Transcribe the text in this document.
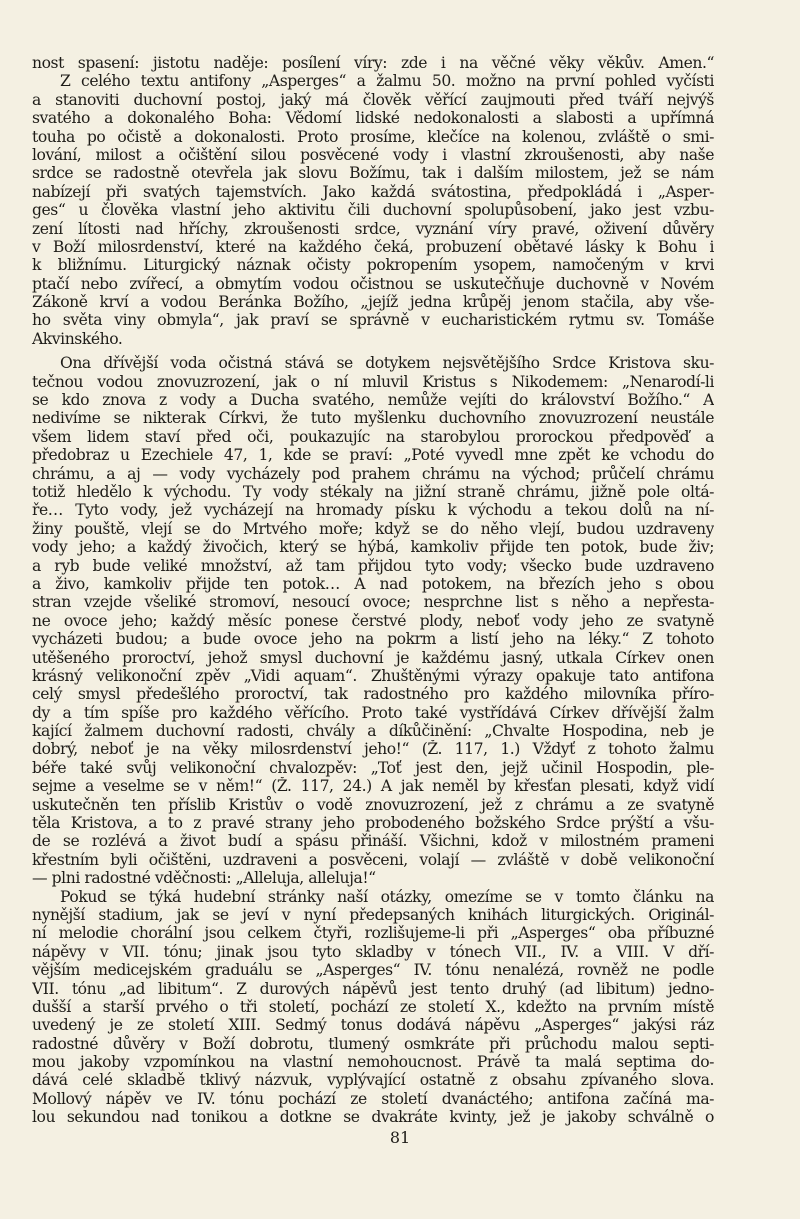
nost spasení: jistotu naděje: posílení víry: zde i na věčné věky věkův. Amen.“
Z celého textu antifony „Asperges“ a žalmu 50. možno na první pohled vyčísti
a stanoviti duchovní postoj, jaký má člověk věřící zaujmouti před tváří nejvýš
svatého a dokonalého Boha: Vědomí lidské nedokonalosti a slabosti a upřímná
touha po očistě a dokonalosti. Proto prosíme, klečíce na kolenou, zvláště o smi-
lování, milost a očištění silou posvěcené vody i vlastní zkroušenosti, aby naše
srdce se radostně otevřela jak slovu Božímu, tak i dalším milostem, jež se nám
nabízejí při svatých tajemstvích. Jako každá svátostina, předpokládá i „Asper-
ges“ u člověka vlastní jeho aktivitu čili duchovní spolupůsobení, jako jest vzbu-
zení lítosti nad hříchy, zkroušenosti srdce, vyznání víry pravé, oživení důvěry
v Boží milosrdenství, které na každého čeká, probuzení obětavé lásky k Bohu i
k bližnímu. Liturgický náznak očisty pokropením ysopem, namočeným v krvi
ptačí nebo zvířecí, a obmytím vodou očistnou se uskutečňuje duchovně v Novém
Zákoně krví a vodou Beránka Božího, „jejíž jedna krůpěj jenom stačila, aby vše-
ho světa viny obmyla“, jak praví se správně v eucharistickém rytmu sv. Tomáše
Akvinského.
Ona dřívější voda očistná stává se dotykem nejsvětějšího Srdce Kristova sku-
tečnou vodou znovuzrození, jak o ní mluvil Kristus s Nikodemem: „Nenarodí-li
se kdo znova z vody a Ducha svatého, nemůže vejíti do království Božího.“ A
nedivíme se nikterak Církvi, že tuto myšlenku duchovního znovuzrození neustále
všem lidem staví před oči, poukazujíc na starobylou prorockou předpověď a
předobraz u Ezechiele 47, 1, kde se praví: „Poté vyvedl mne zpět ke vchodu do
chrámu, a aj — vody vycházely pod prahem chrámu na východ; průčelí chrámu
totiž hledělo k východu. Ty vody stékaly na jižní straně chrámu, jižně pole oltá-
ře… Tyto vody, jež vycházejí na hromady písku k východu a tekou dolů na ní-
žiny pouště, vlejí se do Mrtvého moře; když se do něho vlejí, budou uzdraveny
vody jeho; a každý živočich, který se hýbá, kamkoliv přijde ten potok, bude živ;
a ryb bude veliké množství, až tam přijdou tyto vody; všecko bude uzdraveno
a živo, kamkoliv přijde ten potok… A nad potokem, na březích jeho s obou
stran vzejde všeliké stromoví, nesoucí ovoce; nesprchne list s něho a nepřesta-
ne ovoce jeho; každý měsíc ponese čerstvé plody, neboť vody jeho ze svatyně
vycházeti budou; a bude ovoce jeho na pokrm a listí jeho na léky.“ Z tohoto
utěšeného proroctví, jehož smysl duchovní je každému jasný, utkala Církev onen
krásný velikonoční zpěv „Vidi aquam“. Zhuštěnými výrazy opakuje tato antifona
celý smysl předešlého proroctví, tak radostného pro každého milovníka příro-
dy a tím spíše pro každého věřícího. Proto také vystřídává Církev dřívější žalm
kající žalmem duchovní radosti, chvály a díkůčinění: „Chvalte Hospodina, neb je
dobrý, neboť je na věky milosrdenství jeho!“ (Ž. 117, 1.) Vždyť z tohoto žalmu
béře také svůj velikonoční chvalozpěv: „Toť jest den, jejž učinil Hospodin, ple-
sejme a veselme se v něm!“ (Ž. 117, 24.) A jak neměl by křesťan plesati, když vidí
uskutečněn ten příslib Kristův o vodě znovuzrození, jež z chrámu a ze svatyně
těla Kristova, a to z pravé strany jeho probodeného božského Srdce prýští a všu-
de se rozlévá a život budí a spásu přináší. Všichni, kdož v milostném prameni
křestním byli očištěni, uzdraveni a posvěceni, volají — zvláště v době velikonoční
— plni radostné vděčnosti: „Alleluja, alleluja!“
Pokud se týká hudební stránky naší otázky, omezíme se v tomto článku na
nynější stadium, jak se jeví v nyní předepsaných knihách liturgických. Originál-
ní melodie chorální jsou celkem čtyři, rozlišujeme-li při „Asperges“ oba příbuzné
nápěvy v VII. tónu; jinak jsou tyto skladby v tónech VII., IV. a VIII. V dří-
vějším medicejském graduálu se „Asperges“ IV. tónu nenalézá, rovněž ne podle
VII. tónu „ad libitum“. Z durových nápěvů jest tento druhý (ad libitum) jedno-
dušší a starší prvého o tři století, pochází ze století X., kdežto na prvním místě
uvedený je ze století XIII. Sedmý tonus dodává nápěvu „Asperges“ jakýsi ráz
radostné důvěry v Boží dobrotu, tlumený osmkráte při průchodu malou septi-
mou jakoby vzpomínkou na vlastní nemohoucnost. Právě ta malá septima do-
dává celé skladbě tklivý názvuk, vyplývající ostatně z obsahu zpívaného slova.
Mollový nápěv ve IV. tónu pochází ze století dvanáctého; antifona začíná ma-
lou sekundou nad tonikou a dotkne se dvakráte kvinty, jež je jakoby schválně o
81
